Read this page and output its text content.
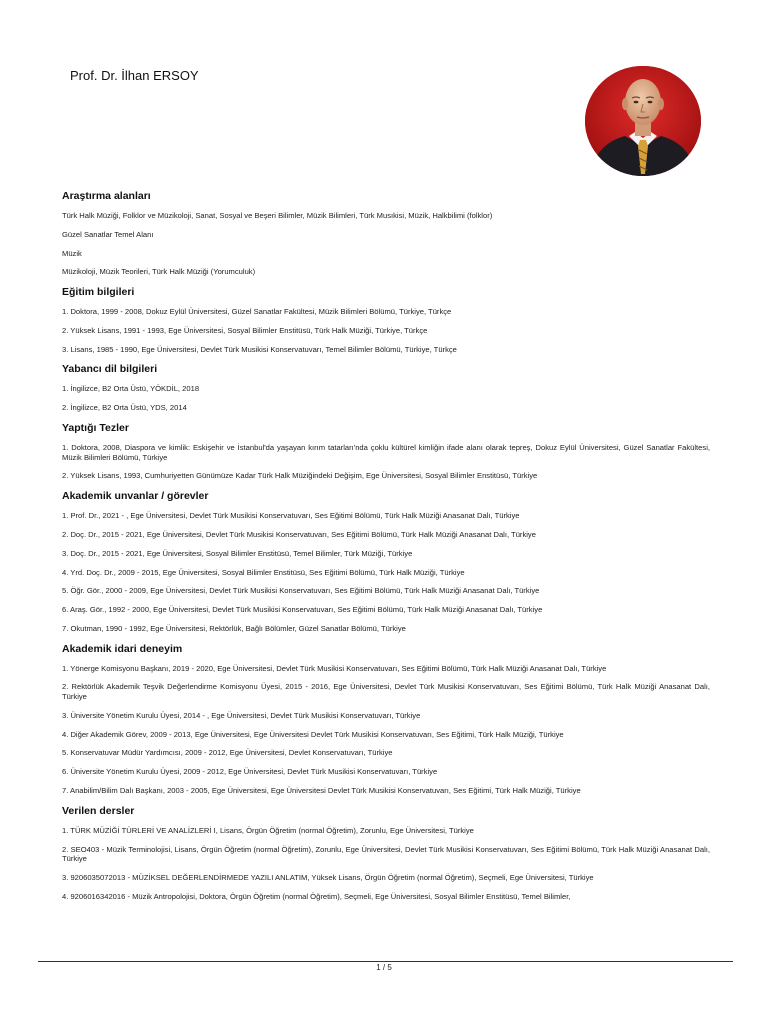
Prof. Dr. İlhan ERSOY
Araştırma alanları
Türk Halk Müziği, Folklor ve Müzikoloji, Sanat, Sosyal ve Beşeri Bilimler, Müzik Bilimleri, Türk Musıkisi, Müzik, Halkbilimi (folklor)
Güzel Sanatlar Temel Alanı
Müzik
Müzikoloji, Müzik Teorileri, Türk Halk Müziği (Yorumculuk)
Eğitim bilgileri
1. Doktora, 1999 - 2008, Dokuz Eylül Üniversitesi, Güzel Sanatlar Fakültesi, Müzik Bilimleri Bölümü, Türkiye, Türkçe
2. Yüksek Lisans, 1991 - 1993, Ege Üniversitesi, Sosyal Bilimler Enstitüsü, Türk Halk Müziği, Türkiye, Türkçe
3. Lisans, 1985 - 1990, Ege Üniversitesi, Devlet Türk Musikisi Konservatuvarı, Temel Bilimler Bölümü, Türkiye, Türkçe
Yabancı dil bilgileri
1. İngilizce, B2 Orta Üstü, YÖKDİL, 2018
2. İngilizce, B2 Orta Üstü, YDS, 2014
Yaptığı Tezler
1. Doktora, 2008, Diaspora ve kimlik: Eskişehir ve İstanbul'da yaşayan kırım tatarları'nda çoklu kültürel kimliğin ifade alanı olarak tepreş, Dokuz Eylül Üniversitesi, Güzel Sanatlar Fakültesi, Müzik Bilimleri Bölümü, Türkiye
2. Yüksek Lisans, 1993, Cumhuriyetten Günümüze Kadar Türk Halk Müziğindeki Değişim, Ege Üniversitesi, Sosyal Bilimler Enstitüsü, Türkiye
Akademik unvanlar / görevler
1. Prof. Dr., 2021 - , Ege Üniversitesi, Devlet Türk Musikisi Konservatuvarı, Ses Eğitimi Bölümü, Türk Halk Müziği Anasanat Dalı, Türkiye
2. Doç. Dr., 2015 - 2021, Ege Üniversitesi, Devlet Türk Musikisi Konservatuvarı, Ses Eğitimi Bölümü, Türk Halk Müziği Anasanat Dalı, Türkiye
3. Doç. Dr., 2015 - 2021, Ege Üniversitesi, Sosyal Bilimler Enstitüsü, Temel Bilimler, Türk Müziği, Türkiye
4. Yrd. Doç. Dr., 2009 - 2015, Ege Üniversitesi, Sosyal Bilimler Enstitüsü, Ses Eğitimi Bölümü, Türk Halk Müziği, Türkiye
5. Öğr. Gör., 2000 - 2009, Ege Üniversitesi, Devlet Türk Musikisi Konservatuvarı, Ses Eğitimi Bölümü, Türk Halk Müziği Anasanat Dalı, Türkiye
6. Araş. Gör., 1992 - 2000, Ege Üniversitesi, Devlet Türk Musikisi Konservatuvarı, Ses Eğitimi Bölümü, Türk Halk Müziği Anasanat Dalı, Türkiye
7. Okutman, 1990 - 1992, Ege Üniversitesi, Rektörlük, Bağlı Bölümler, Güzel Sanatlar Bölümü, Türkiye
Akademik idari deneyim
1. Yönerge Komisyonu Başkanı, 2019 - 2020, Ege Üniversitesi, Devlet Türk Musikisi Konservatuvarı, Ses Eğitimi Bölümü, Türk Halk Müziği Anasanat Dalı, Türkiye
2. Rektörlük Akademik Teşvik Değerlendirme Komisyonu Üyesi, 2015 - 2016, Ege Üniversitesi, Devlet Türk Musikisi Konservatuvarı, Ses Eğitimi Bölümü, Türk Halk Müziği Anasanat Dalı, Türkiye
3. Üniversite Yönetim Kurulu Üyesi, 2014 - , Ege Üniversitesi, Devlet Türk Musikisi Konservatuvarı, Türkiye
4. Diğer Akademik Görev, 2009 - 2013, Ege Üniversitesi, Ege Üniversitesi Devlet Türk Musikisi Konservatuvarı, Ses Eğitimi, Türk Halk Müziği, Türkiye
5. Konservatuvar Müdür Yardımcısı, 2009 - 2012, Ege Üniversitesi, Devlet Konservatuvarı, Türkiye
6. Üniversite Yönetim Kurulu Üyesi, 2009 - 2012, Ege Üniversitesi, Devlet Türk Musikisi Konservatuvarı, Türkiye
7. Anabilim/Bilim Dalı Başkanı, 2003 - 2005, Ege Üniversitesi, Ege Üniversitesi Devlet Türk Musikisi Konservatuvarı, Ses Eğitimi, Türk Halk Müziği, Türkiye
Verilen dersler
1. TÜRK MÜZİĞİ TÜRLERİ VE ANALİZLERİ I, Lisans, Örgün Öğretim (normal Öğretim), Zorunlu, Ege Üniversitesi, Türkiye
2. SEO403 - Müzik Terminolojisi, Lisans, Örgün Öğretim (normal Öğretim), Zorunlu, Ege Üniversitesi, Devlet Türk Musikisi Konservatuvarı, Ses Eğitimi Bölümü, Türk Halk Müziği Anasanat Dalı, Türkiye
3. 9206035072013 - MÜZİKSEL DEĞERLENDİRMEDE YAZILI ANLATIM, Yüksek Lisans, Örgün Öğretim (normal Öğretim), Seçmeli, Ege Üniversitesi, Türkiye
4. 9206016342016 - Müzik Antropolojisi, Doktora, Örgün Öğretim (normal Öğretim), Seçmeli, Ege Üniversitesi, Sosyal Bilimler Enstitüsü, Temel Bilimler,
1 / 5
